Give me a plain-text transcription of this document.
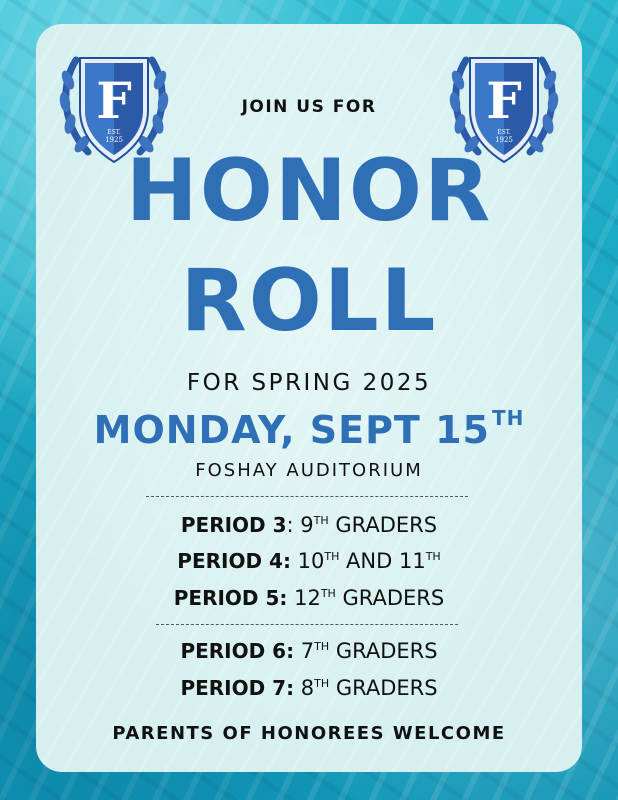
F
EST.
1925
F
EST.
1925
JOIN US FOR
HONOR
ROLL
FOR SPRING 2025
MONDAY, SEPT 15 $^{TH}$
FOSHAY AUDITORIUM
PERIOD 3: 9TH GRADERS
PERIOD 4: 10TH AND 11TH
PERIOD 5: 12TH GRADERS
PERIOD 6: 7TH GRADERS
PERIOD 7: 8TH GRADERS
PARENTS OF HONOREES WELCOME
